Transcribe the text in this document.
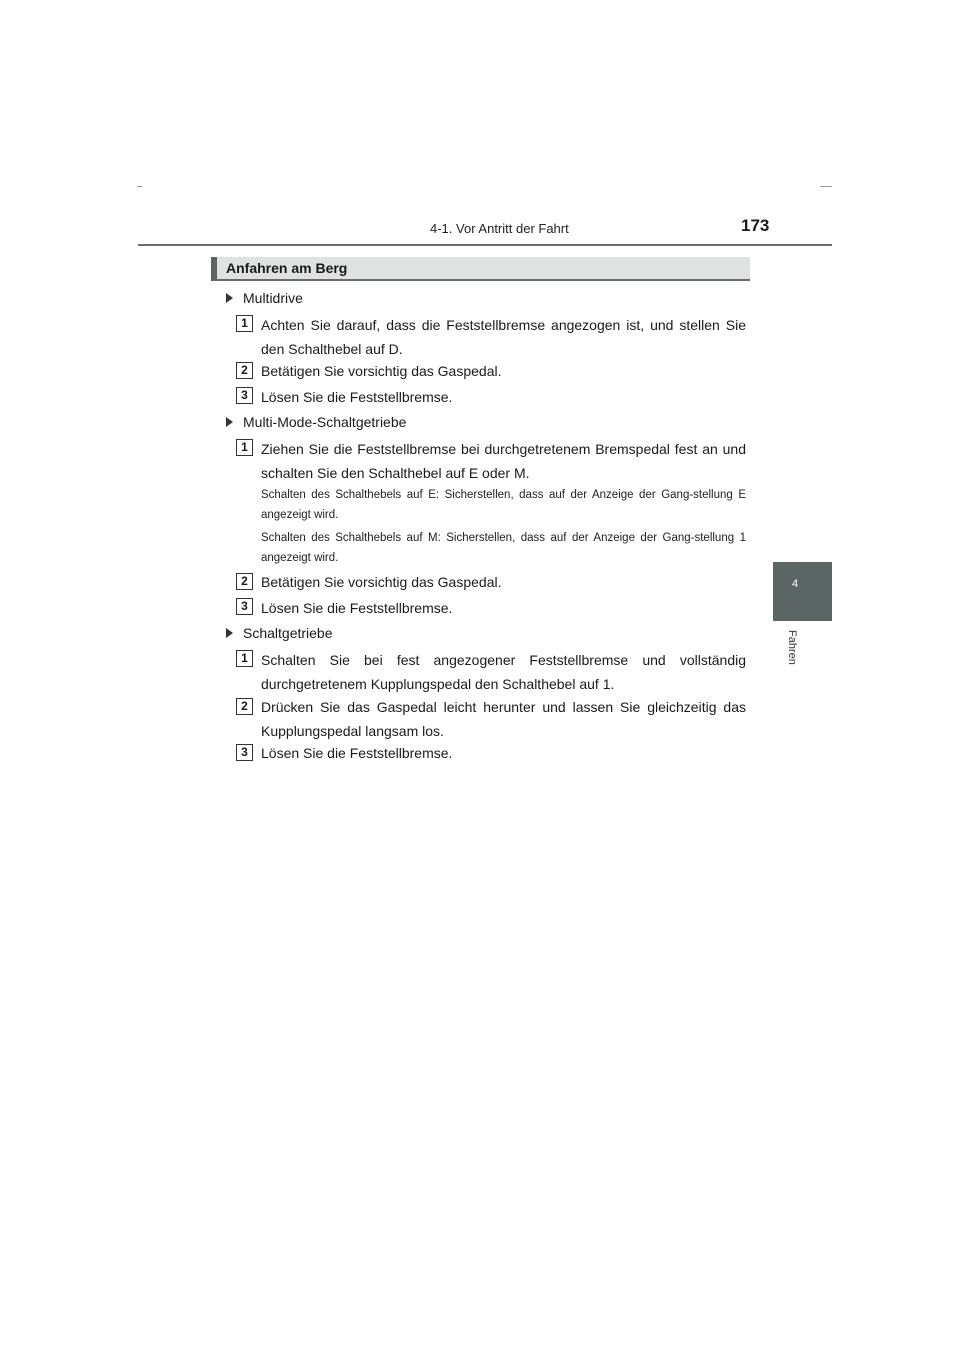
4-1. Vor Antritt der Fahrt	173
4
Fahren
Anfahren am Berg
Multidrive
1 Achten Sie darauf, dass die Feststellbremse angezogen ist, und stellen Sie den Schalthebel auf D.
2 Betätigen Sie vorsichtig das Gaspedal.
3 Lösen Sie die Feststellbremse.
Multi-Mode-Schaltgetriebe
1 Ziehen Sie die Feststellbremse bei durchgetretenem Bremspedal fest an und schalten Sie den Schalthebel auf E oder M.
Schalten des Schalthebels auf E: Sicherstellen, dass auf der Anzeige der Gang-stellung E angezeigt wird.
Schalten des Schalthebels auf M: Sicherstellen, dass auf der Anzeige der Gang-stellung 1 angezeigt wird.
2 Betätigen Sie vorsichtig das Gaspedal.
3 Lösen Sie die Feststellbremse.
Schaltgetriebe
1 Schalten Sie bei fest angezogener Feststellbremse und vollständig durchgetretenem Kupplungspedal den Schalthebel auf 1.
2 Drücken Sie das Gaspedal leicht herunter und lassen Sie gleichzeitig das Kupplungspedal langsam los.
3 Lösen Sie die Feststellbremse.
